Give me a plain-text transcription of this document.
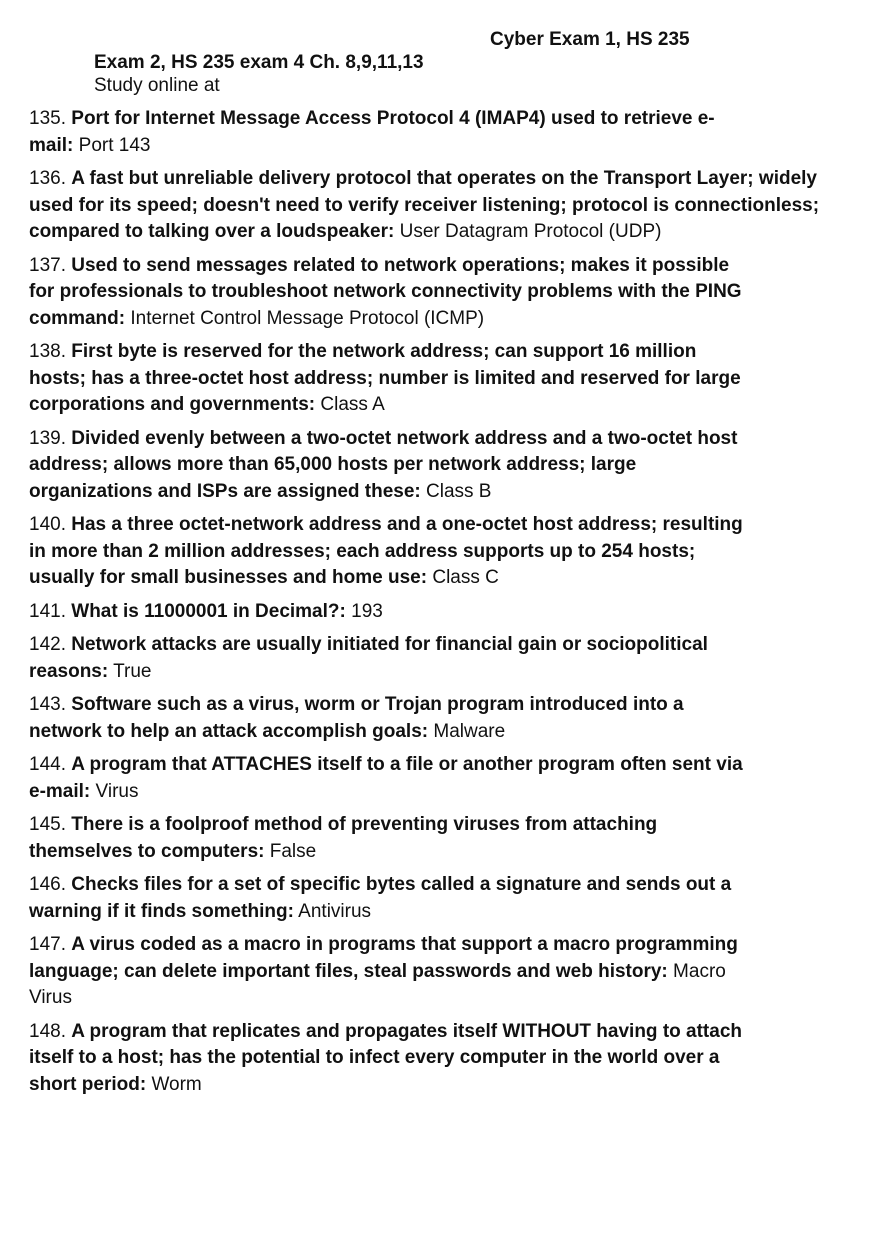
Cyber Exam 1, HS 235
Exam 2, HS 235 exam 4 Ch. 8,9,11,13
Study online at
135. Port for Internet Message Access Protocol 4 (IMAP4) used to retrieve e-mail: Port 143
136. A fast but unreliable delivery protocol that operates on the Transport Layer; widely used for its speed; doesn't need to verify receiver listening; protocol is connectionless; compared to talking over a loudspeaker: User Datagram Protocol (UDP)
137. Used to send messages related to network operations; makes it possible for professionals to troubleshoot network connectivity problems with the PING command: Internet Control Message Protocol (ICMP)
138. First byte is reserved for the network address; can support 16 million hosts; has a three-octet host address; number is limited and reserved for large corporations and governments: Class A
139. Divided evenly between a two-octet network address and a two-octet host address; allows more than 65,000 hosts per network address; large organizations and ISPs are assigned these: Class B
140. Has a three octet-network address and a one-octet host address; resulting in more than 2 million addresses; each address supports up to 254 hosts; usually for small businesses and home use: Class C
141. What is 11000001 in Decimal?: 193
142. Network attacks are usually initiated for financial gain or sociopolitical reasons: True
143. Software such as a virus, worm or Trojan program introduced into a network to help an attack accomplish goals: Malware
144. A program that ATTACHES itself to a file or another program often sent via e-mail: Virus
145. There is a foolproof method of preventing viruses from attaching themselves to computers: False
146. Checks files for a set of specific bytes called a signature and sends out a warning if it finds something: Antivirus
147. A virus coded as a macro in programs that support a macro programming language; can delete important files, steal passwords and web history: Macro Virus
148. A program that replicates and propagates itself WITHOUT having to attach itself to a host; has the potential to infect every computer in the world over a short period: Worm
